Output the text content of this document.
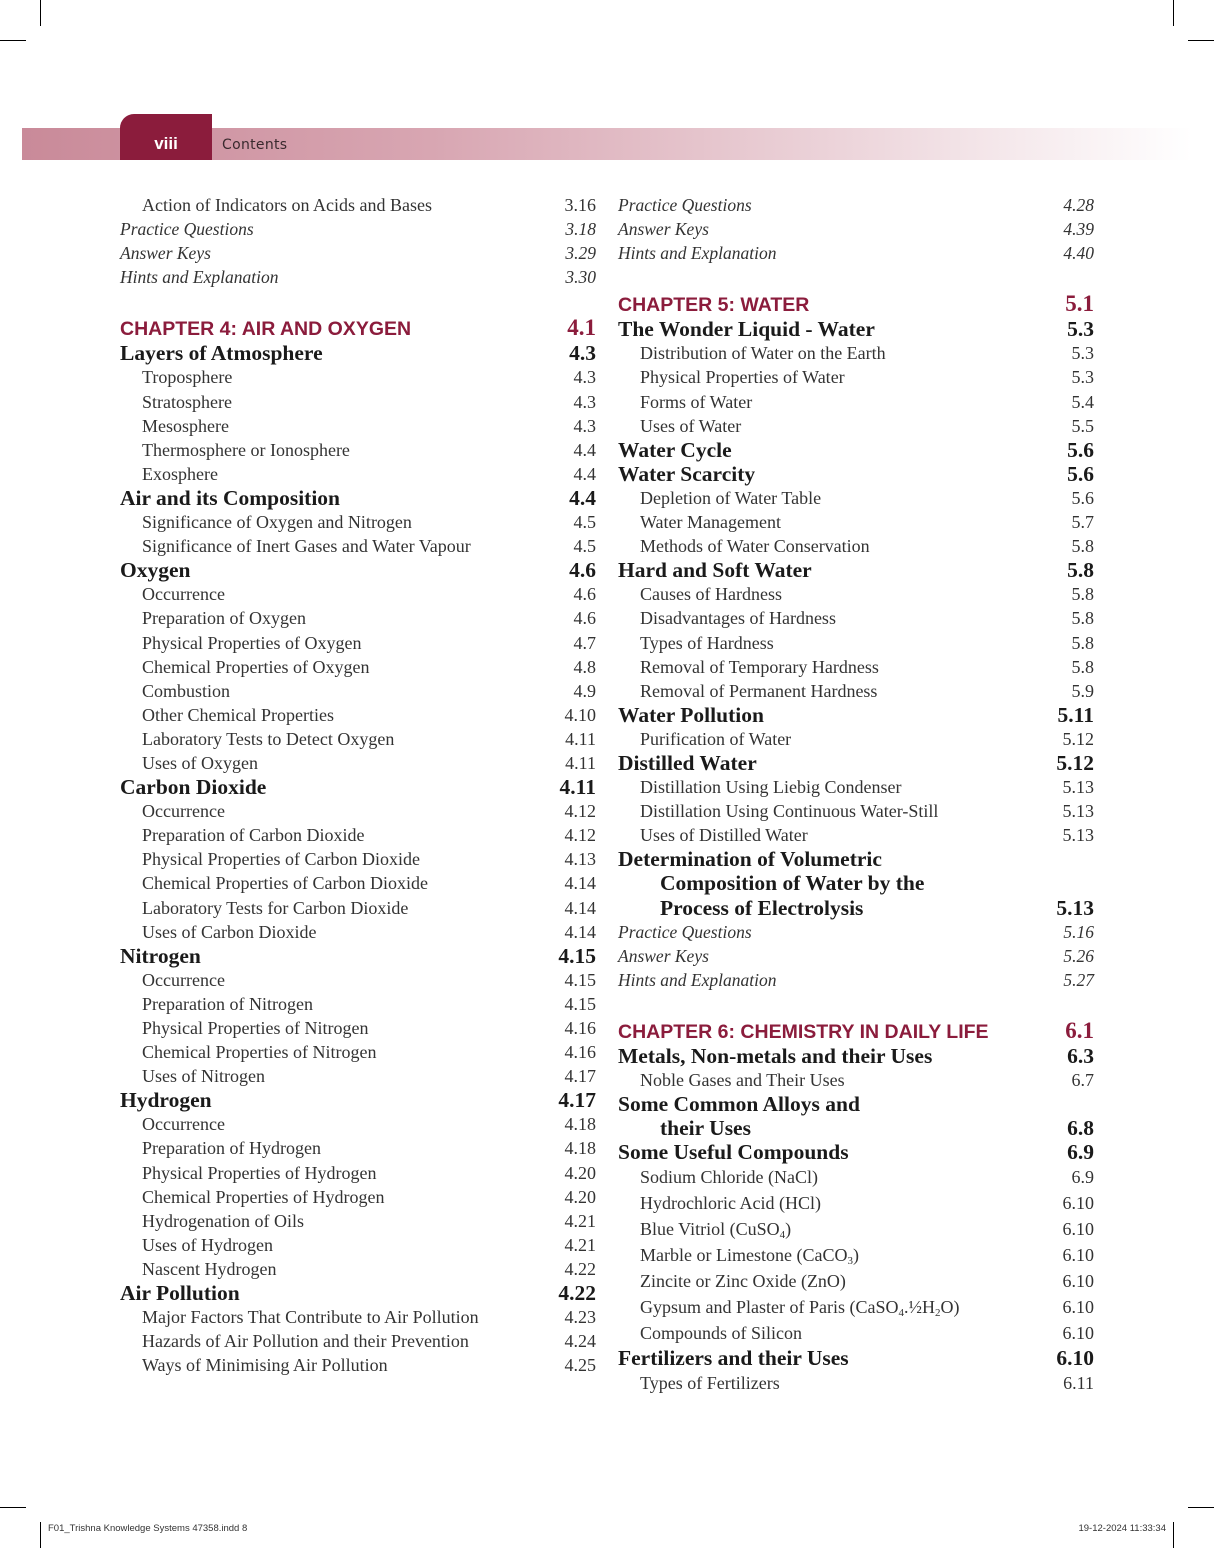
viii	Contents
Action of Indicators on Acids and Bases	3.16
Practice Questions	3.18
Answer Keys	3.29
Hints and Explanation	3.30
CHAPTER 4: AIR AND OXYGEN	4.1
Layers of Atmosphere	4.3
Troposphere	4.3
Stratosphere	4.3
Mesosphere	4.3
Thermosphere or Ionosphere	4.4
Exosphere	4.4
Air and its Composition	4.4
Significance of Oxygen and Nitrogen	4.5
Significance of Inert Gases and Water Vapour	4.5
Oxygen	4.6
Occurrence	4.6
Preparation of Oxygen	4.6
Physical Properties of Oxygen	4.7
Chemical Properties of Oxygen	4.8
Combustion	4.9
Other Chemical Properties	4.10
Laboratory Tests to Detect Oxygen	4.11
Uses of Oxygen	4.11
Carbon Dioxide	4.11
Occurrence	4.12
Preparation of Carbon Dioxide	4.12
Physical Properties of Carbon Dioxide	4.13
Chemical Properties of Carbon Dioxide	4.14
Laboratory Tests for Carbon Dioxide	4.14
Uses of Carbon Dioxide	4.14
Nitrogen	4.15
Occurrence	4.15
Preparation of Nitrogen	4.15
Physical Properties of Nitrogen	4.16
Chemical Properties of Nitrogen	4.16
Uses of Nitrogen	4.17
Hydrogen	4.17
Occurrence	4.18
Preparation of Hydrogen	4.18
Physical Properties of Hydrogen	4.20
Chemical Properties of Hydrogen	4.20
Hydrogenation of Oils	4.21
Uses of Hydrogen	4.21
Nascent Hydrogen	4.22
Air Pollution	4.22
Major Factors That Contribute to Air Pollution	4.23
Hazards of Air Pollution and their Prevention	4.24
Ways of Minimising Air Pollution	4.25
Practice Questions	4.28
Answer Keys	4.39
Hints and Explanation	4.40
CHAPTER 5: WATER	5.1
The Wonder Liquid - Water	5.3
Distribution of Water on the Earth	5.3
Physical Properties of Water	5.3
Forms of Water	5.4
Uses of Water	5.5
Water Cycle	5.6
Water Scarcity	5.6
Depletion of Water Table	5.6
Water Management	5.7
Methods of Water Conservation	5.8
Hard and Soft Water	5.8
Causes of Hardness	5.8
Disadvantages of Hardness	5.8
Types of Hardness	5.8
Removal of Temporary Hardness	5.8
Removal of Permanent Hardness	5.9
Water Pollution	5.11
Purification of Water	5.12
Distilled Water	5.12
Distillation Using Liebig Condenser	5.13
Distillation Using Continuous Water-Still	5.13
Uses of Distilled Water	5.13
Determination of Volumetric
Composition of Water by the
Process of Electrolysis	5.13
Practice Questions	5.16
Answer Keys	5.26
Hints and Explanation	5.27
CHAPTER 6: CHEMISTRY IN DAILY LIFE	6.1
Metals, Non-metals and their Uses	6.3
Noble Gases and Their Uses	6.7
Some Common Alloys and
their Uses	6.8
Some Useful Compounds	6.9
Sodium Chloride (NaCl)	6.9
Hydrochloric Acid (HCl)	6.10
Blue Vitriol (CuSO$_4$)	6.10
Marble or Limestone (CaCO$_3$)	6.10
Zincite or Zinc Oxide (ZnO)	6.10
Gypsum and Plaster of Paris $(CaSO_4.\frac{1}{2}H_2O)$	6.10
Compounds of Silicon	6.10
Fertilizers and their Uses	6.10
Types of Fertilizers	6.11
F01_Trishna Knowledge Systems 47358.indd 8	19-12-2024 11:33:34
